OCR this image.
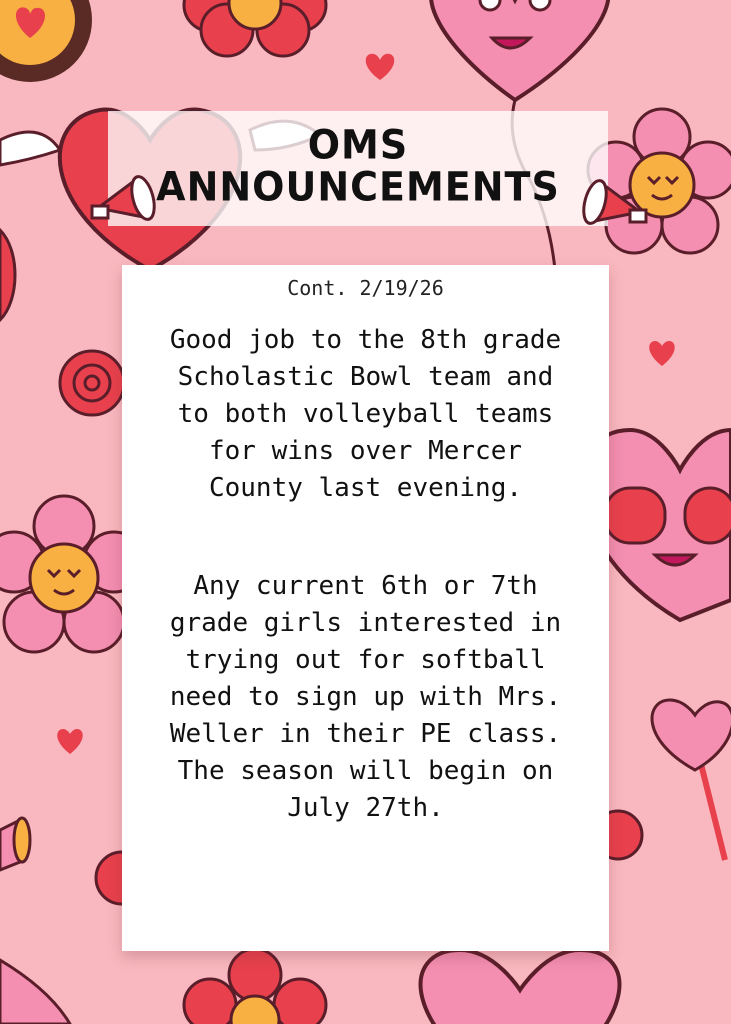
OMS
ANNOUNCEMENTS
Cont. 2/19/26
Good job to the 8th grade
Scholastic Bowl team and
to both volleyball teams
for wins over Mercer
County last evening.
Any current 6th or 7th
grade girls interested in
trying out for softball
need to sign up with Mrs.
Weller in their PE class.
The season will begin on
July 27th.
